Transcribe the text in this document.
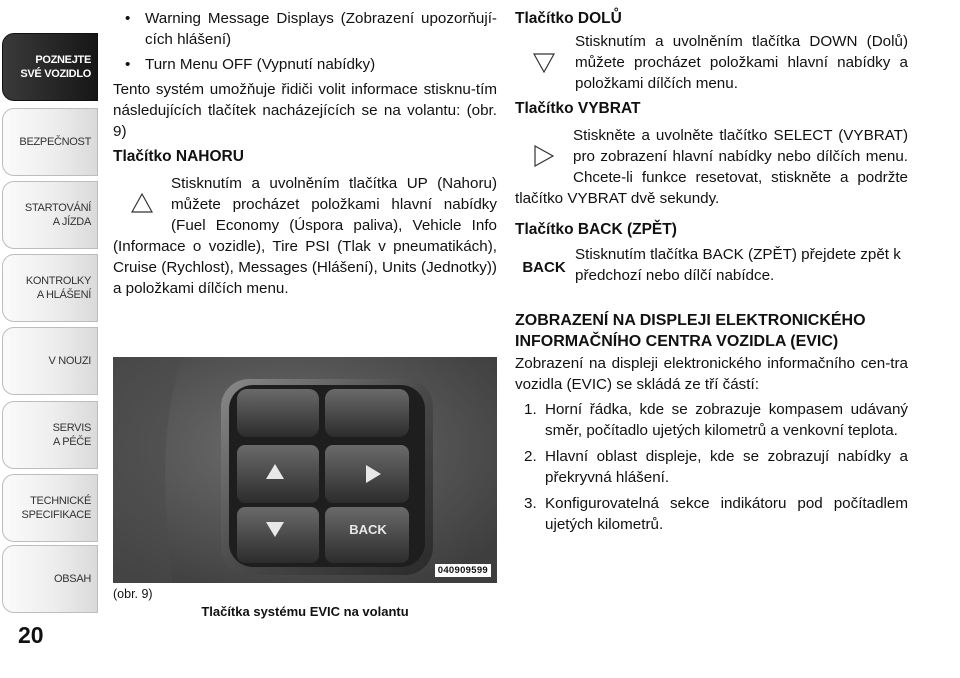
POZNEJTE
SVÉ VOZIDLO
BEZPEČNOST
STARTOVÁNÍ
A JÍZDA
KONTROLKY
A HLÁŠENÍ
V NOUZI
SERVIS
A PÉČE
TECHNICKÉ
SPECIFIKACE
OBSAH
20

• Warning Message Displays (Zobrazení upozorňují-cích hlášení)

• Turn Menu OFF (Vypnutí nabídky)

Tento systém umožňuje řidiči volit informace stisknu-tím následujících tlačítek nacházejících se na volantu: (obr. 9)

Tlačítko NAHORU

Stisknutím a uvolněním tlačítka UP (Nahoru) můžete procházet položkami hlavní nabídky (Fuel Economy (Úspora paliva), Vehicle Info (Informace o vozidle), Tire PSI (Tlak v pneumatikách), Cruise (Rychlost), Messages (Hlášení), Units (Jednotky)) a položkami dílčích menu.
BACK
040909599
(obr. 9)
Tlačítka systému EVIC na volantu

Tlačítko DOLŮ

Stisknutím a uvolněním tlačítka DOWN (Dolů) můžete procházet položkami hlavní nabídky a položkami dílčích menu.

Tlačítko VYBRAT

Stiskněte a uvolněte tlačítko SELECT (VYBRAT) pro zobrazení hlavní nabídky nebo dílčích menu. Chcete-li funkce resetovat, stiskněte a podržte tlačítko VYBRAT dvě sekundy.

Tlačítko BACK (ZPĚT)

BACK

Stisknutím tlačítka BACK (ZPĚT) přejdete zpět k předchozí nebo dílčí nabídce.

ZOBRAZENÍ NA DISPLEJI ELEKTRONICKÉHO INFORMAČNÍHO CENTRA VOZIDLA (EVIC)

Zobrazení na displeji elektronického informačního cen-tra vozidla (EVIC) se skládá ze tří částí:

1. Horní řádka, kde se zobrazuje kompasem udávaný směr, počítadlo ujetých kilometrů a venkovní teplota.

2. Hlavní oblast displeje, kde se zobrazují nabídky a překryvná hlášení.

3. Konfigurovatelná sekce indikátoru pod počítadlem ujetých kilometrů.
